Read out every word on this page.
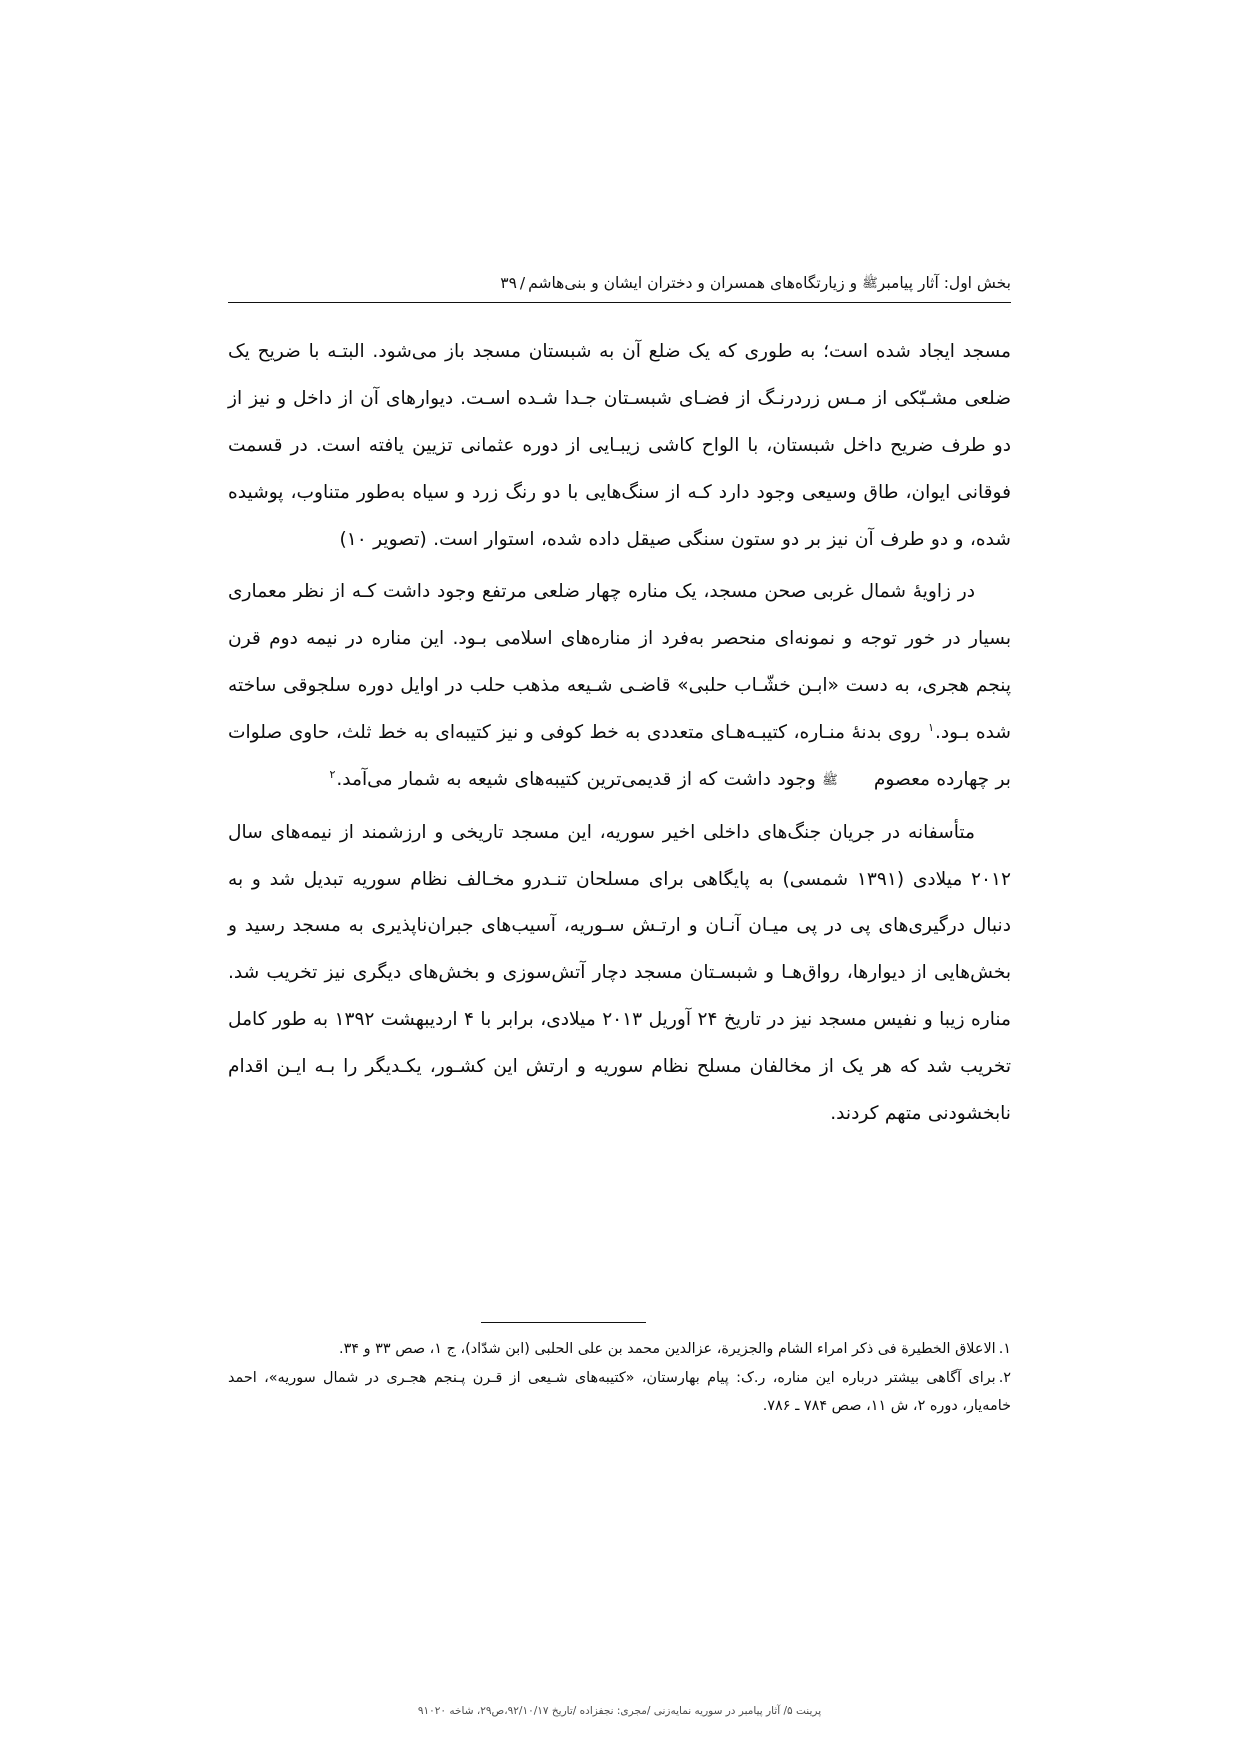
بخش اول: آثار پیامبرﷺ و زیارتگاه‌های همسران و دختران ایشان و بنی‌هاشم/۳۹

مسجد ایجاد شده است؛ به طوری که یک ضلع آن به شبستان مسجد باز می‌شود. البتـه با ضریح یک ضلعی مشـبّکی از مـس زردرنـگ از فضـای شبسـتان جـدا شـده اسـت. دیوارهای آن از داخل و نیز از دو طرف ضریح داخل شبستان، با الواح کاشی زیبـایی از دوره عثمانی تزیین یافته است. در قسمت فوقانی ایوان، طاق وسیعی وجود دارد کـه از سنگ‌هایی با دو رنگ زرد و سیاه به‌طور متناوب، پوشیده شده، و دو طرف آن نیز بر دو ستون سنگی صیقل داده شده، استوار است. (تصویر ۱۰)

در زاویهٔ شمال غربی صحن مسجد، یک مناره چهار ضلعی مرتفع وجود داشت کـه از نظر معماری بسیار در خور توجه و نمونه‌ای منحصر به‌فرد از مناره‌های اسلامی بـود. این مناره در نیمه دوم قرن پنجم هجری، به دست «ابـن خشّـاب حلبی» قاضـی شـیعه مذهب حلب در اوایل دوره سلجوقی ساخته شده بـود.$^۱$ روی بدنهٔ منـاره، کتیبـه‌هـای متعددی به خط کوفی و نیز کتیبه‌ای به خط ثلث، حاوی صلوات بر چهارده معصومﷺ وجود داشت که از قدیمی‌ترین کتیبه‌های شیعه به شمار می‌آمد.$^۲$

متأسفانه در جریان جنگ‌های داخلی اخیر سوریه، این مسجد تاریخی و ارزشمند از نیمه‌های سال ۲۰۱۲ میلادی (۱۳۹۱ شمسی) به پایگاهی برای مسلحان تنـدرو مخـالف نظام سوریه تبدیل شد و به دنبال درگیری‌های پی در پی میـان آنـان و ارتـش سـوریه، آسیب‌های جبران‌ناپذیری به مسجد رسید و بخش‌هایی از دیوارها، رواق‌هـا و شبسـتان مسجد دچار آتش‌سوزی و بخش‌های دیگری نیز تخریب شد. مناره زیبا و نفیس مسجد نیز در تاریخ ۲۴ آوریل ۲۰۱۳ میلادی، برابر با ۴ اردیبهشت ۱۳۹۲ به طور کامل تخریب شد که هر یک از مخالفان مسلح نظام سوریه و ارتش این کشـور، یکـدیگر را بـه ایـن اقدام نابخشودنی متهم کردند.

۱.الاعلاق الخطیرة فی ذکر امراء الشام والجزیرة، عزالدین محمد بن علی الحلبی (ابن شدّاد)، ج ۱، صص ۳۳ و ۳۴.
۲.برای آگاهی بیشتر درباره این مناره، ر.ک: پیام بهارستان، «کتیبه‌های شـیعی از قـرن پـنجم هجـری در شمال سوریه»، احمد خامه‌یار، دوره ۲، ش ۱۱، صص ۷۸۴ ـ ۷۸۶.
پرینت ۵/ آثار پیامبر در سوریه نمایه‌زنی /مجری: نجفزاده /تاریخ ۹۲/۱۰/۱۷،ص۲۹، شاخه ۹۱۰۲۰
